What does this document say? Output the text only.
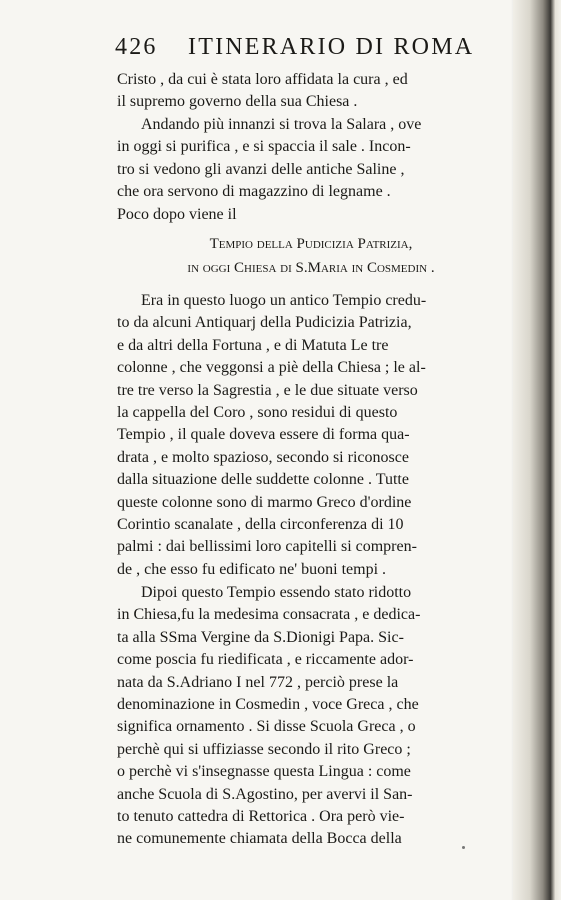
426 ITINERARIO DI ROMA
Cristo , da cui è stata loro affidata la cura , ed
il supremo governo della sua Chiesa .
Andando più innanzi si trova la Salara , ove
in oggi si purifica , e si spaccia il sale . Incon-
tro si vedono gli avanzi delle antiche Saline ,
che ora servono di magazzino di legname .
Poco dopo viene il
Tempio della Pudicizia Patrizia,
in oggi Chiesa di S.Maria in Cosmedin .
Era in questo luogo un antico Tempio credu-
to da alcuni Antiquarj della Pudicizia Patrizia,
e da altri della Fortuna , e di Matuta Le tre
colonne , che veggonsi a piè della Chiesa ; le al-
tre tre verso la Sagrestia , e le due situate verso
la cappella del Coro , sono residui di questo
Tempio , il quale doveva essere di forma qua-
drata , e molto spazioso, secondo si riconosce
dalla situazione delle suddette colonne . Tutte
queste colonne sono di marmo Greco d'ordine
Corintio scanalate , della circonferenza di 10
palmi : dai bellissimi loro capitelli si compren-
de , che esso fu edificato ne' buoni tempi .
Dipoi questo Tempio essendo stato ridotto
in Chiesa,fu la medesima consacrata , e dedica-
ta alla SSma Vergine da S.Dionigi Papa. Sic-
come poscia fu riedificata , e riccamente ador-
nata da S.Adriano I nel 772 , perciò prese la
denominazione in Cosmedin , voce Greca , che
significa ornamento . Si disse Scuola Greca , o
perchè qui si uffiziasse secondo il rito Greco ;
o perchè vi s'insegnasse questa Lingua : come
anche Scuola di S.Agostino, per avervi il San-
to tenuto cattedra di Rettorica . Ora però vie-
ne comunemente chiamata della Bocca della
